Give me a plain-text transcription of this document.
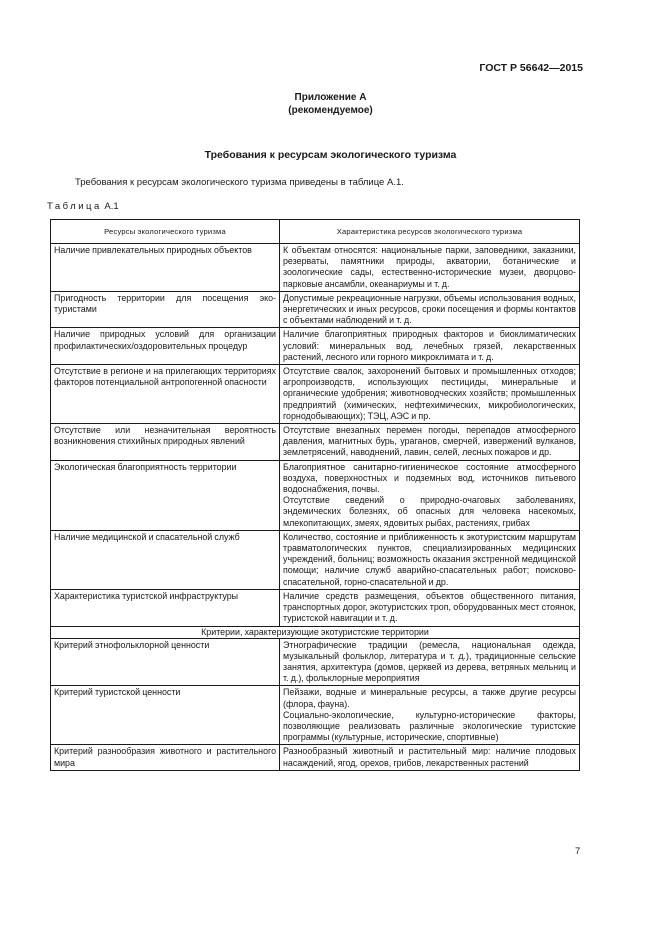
ГОСТ Р 56642—2015
Приложение А
(рекомендуемое)
Требования к ресурсам экологического туризма
Требования к ресурсам экологического туризма приведены в таблице А.1.
Таблица А.1
Ресурсы экологического туризма	Характеристика ресурсов экологического туризма
Наличие привлекательных природных объектов	К объектам относятся: национальные парки, заповедники, заказники, резерваты, памятники природы, акватории, ботанические и зоологические сады, естественно-исторические музеи, дворцово-парковые ансамбли, океанариумы и т. д.

Пригодность территории для посещения эко-туристами	Допустимые рекреационные нагрузки, объемы использования водных, энергетических и иных ресурсов, сроки посещения и формы контактов с объектами наблюдений и т. д.

Наличие природных условий для организации профилактических/оздоровительных процедур	Наличие благоприятных природных факторов и биоклиматических условий: минеральных вод, лечебных грязей, лекарственных растений, лесного или горного микроклимата и т. д.

Отсутствие в регионе и на прилегающих территориях факторов потенциальной антропогенной опасности	Отсутствие свалок, захоронений бытовых и промышленных отходов; агропроизводств, использующих пестициды, минеральные и органические удобрения; животноводческих хозяйств; промышленных предприятий (химических, нефтехимических, микробиологических, горнодобывающих); ТЭЦ, АЭС и пр.

Отсутствие или незначительная вероятность возникновения стихийных природных явлений	Отсутствие внезапных перемен погоды, перепадов атмосферного давления, магнитных бурь, ураганов, смерчей, извержений вулканов, землетрясений, наводнений, лавин, селей, лесных пожаров и др.

Экологическая благоприятность территории	Благоприятное санитарно-гигиеническое состояние атмосферного воздуха, поверхностных и подземных вод, источников питьевого водоснабжения, почвы.
Отсутствие сведений о природно-очаговых заболеваниях, эндемических болезнях, об опасных для человека насекомых, млекопитающих, змеях, ядовитых рыбах, растениях, грибах

Наличие медицинской и спасательной служб	Количество, состояние и приближенность к экотуристским маршрутам травматологических пунктов, специализированных медицинских учреждений, больниц; возможность оказания экстренной медицинской помощи; наличие служб аварийно-спасательных работ; поисково-спасательной, горно-спасательной и др.

Характеристика туристской инфраструктуры	Наличие средств размещения, объектов общественного питания, транспортных дорог, экотуристских троп, оборудованных мест стоянок, туристской навигации и т. д.

Критерии, характеризующие экотуристские территории	
Критерий этнофольклорной ценности	Этнографические традиции (ремесла, национальная одежда, музыкальный фольклор, литература и т. д.), традиционные сельские занятия, архитектура (домов, церквей из дерева, ветряных мельниц и т. д.), фольклорные мероприятия

Критерий туристской ценности	Пейзажи, водные и минеральные ресурсы, а также другие ресурсы (флора, фауна).
Социально-экологические, культурно-исторические факторы, позволяющие реализовать различные экологические туристские программы (культурные, исторические, спортивные)

Критерий разнообразия животного и растительного мира	Разнообразный животный и растительный мир: наличие плодовых насаждений, ягод, орехов, грибов, лекарственных растений
7
